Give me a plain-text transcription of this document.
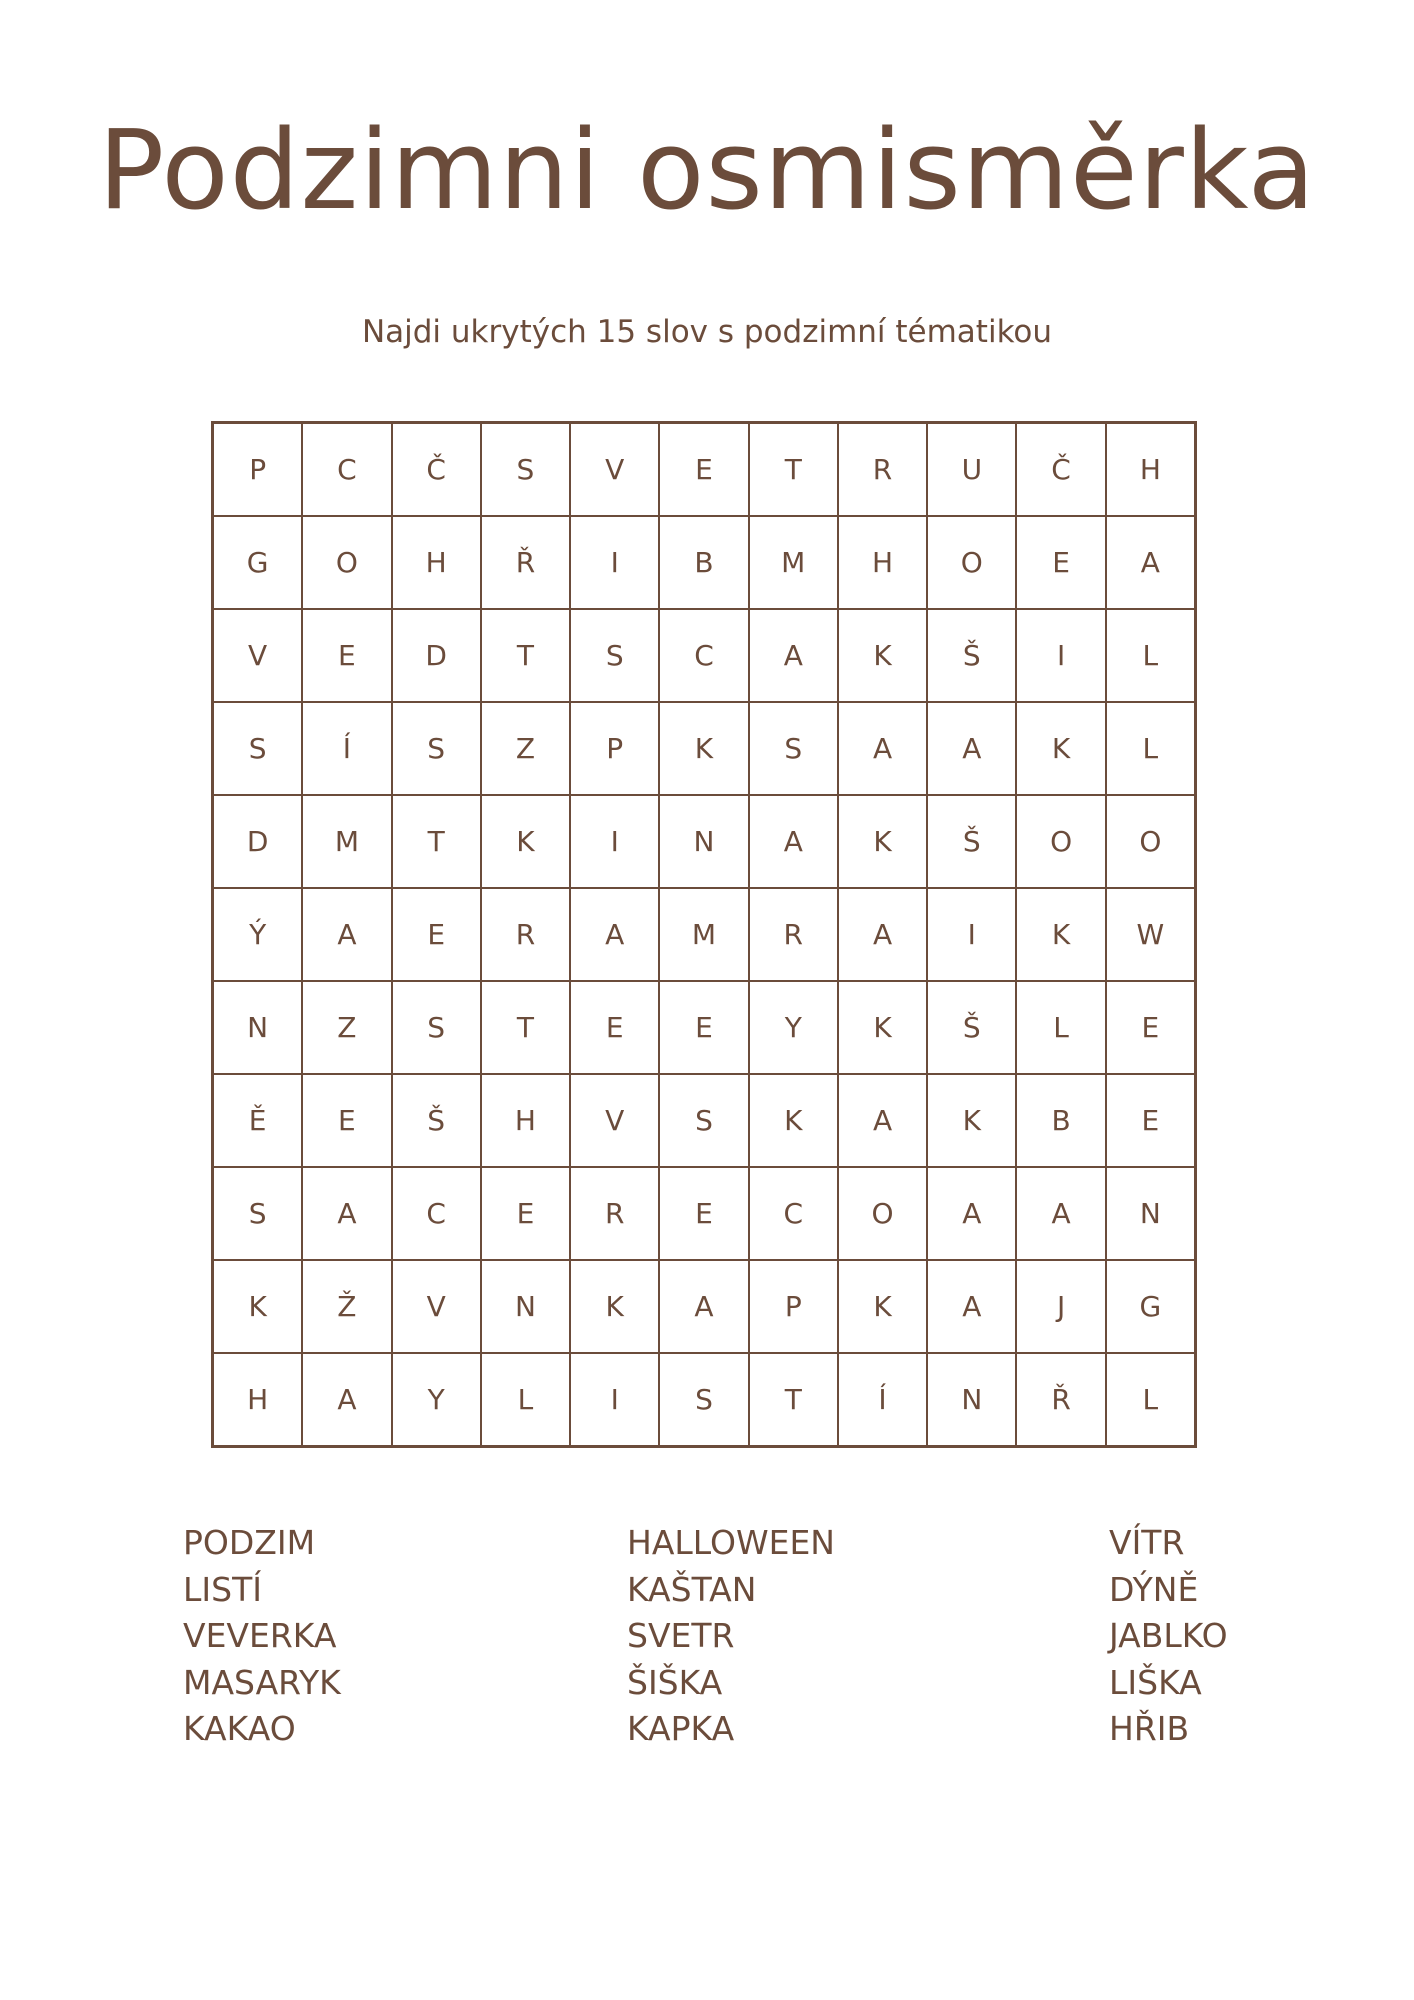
Podzimni osmisměrka
Najdi ukrytých 15 slov s podzimní tématikou
P	C	Č	S	V	E	T	R	U	Č	H
G	O	H	Ř	I	B	M	H	O	E	A
V	E	D	T	S	C	A	K	Š	I	L
S	Í	S	Z	P	K	S	A	A	K	L
D	M	T	K	I	N	A	K	Š	O	O
Ý	A	E	R	A	M	R	A	I	K	W
N	Z	S	T	E	E	Y	K	Š	L	E
Ě	E	Š	H	V	S	K	A	K	B	E
S	A	C	E	R	E	C	O	A	A	N
K	Ž	V	N	K	A	P	K	A	J	G
H	A	Y	L	I	S	T	Í	N	Ř	L
PODZIM
LISTÍ
VEVERKA
MASARYK
KAKAO
HALLOWEEN
KAŠTAN
SVETR
ŠIŠKA
KAPKA
VÍTR
DÝNĚ
JABLKO
LIŠKA
HŘIB
